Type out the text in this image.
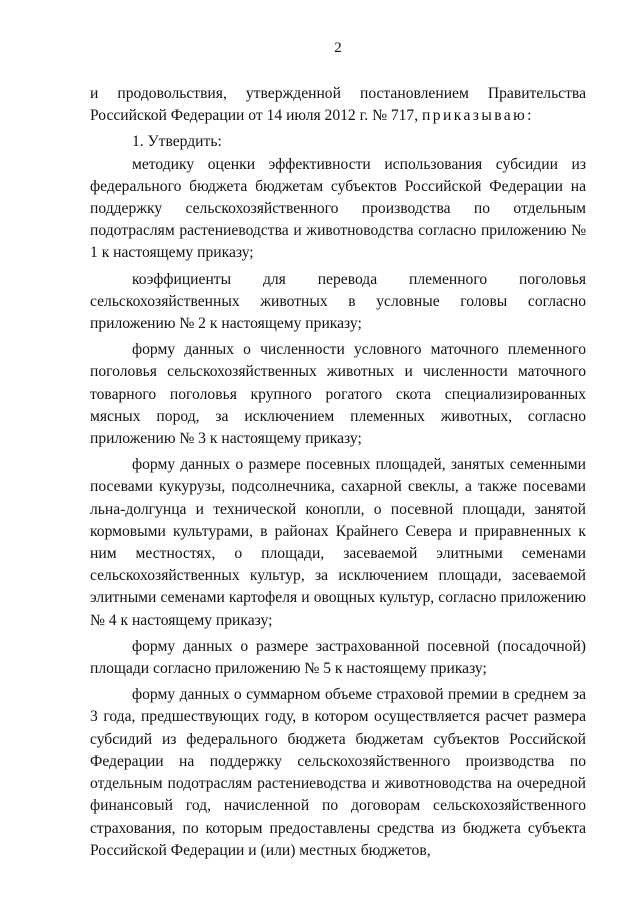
2

и продовольствия, утвержденной постановлением Правительства Российской Федерации от 14 июля 2012 г. № 717, приказываю:

1. Утвердить:

методику оценки эффективности использования субсидии из федерального бюджета бюджетам субъектов Российской Федерации на поддержку сельскохозяйственного производства по отдельным подотраслям растениеводства и животноводства согласно приложению № 1 к настоящему приказу;

коэффициенты для перевода племенного поголовья сельскохозяйственных животных в условные головы согласно приложению № 2 к настоящему приказу;

форму данных о численности условного маточного племенного поголовья сельскохозяйственных животных и численности маточного товарного поголовья крупного рогатого скота специализированных мясных пород, за исключением племенных животных, согласно приложению № 3 к настоящему приказу;

форму данных о размере посевных площадей, занятых семенными посевами кукурузы, подсолнечника, сахарной свеклы, а также посевами льна-долгунца и технической конопли, о посевной площади, занятой кормовыми культурами, в районах Крайнего Севера и приравненных к ним местностях, о площади, засеваемой элитными семенами сельскохозяйственных культур, за исключением площади, засеваемой элитными семенами картофеля и овощных культур, согласно приложению № 4 к настоящему приказу;

форму данных о размере застрахованной посевной (посадочной) площади согласно приложению № 5 к настоящему приказу;

форму данных о суммарном объеме страховой премии в среднем за 3 года, предшествующих году, в котором осуществляется расчет размера субсидий из федерального бюджета бюджетам субъектов Российской Федерации на поддержку сельскохозяйственного производства по отдельным подотраслям растениеводства и животноводства на очередной финансовый год, начисленной по договорам сельскохозяйственного страхования, по которым предоставлены средства из бюджета субъекта Российской Федерации и (или) местных бюджетов,
